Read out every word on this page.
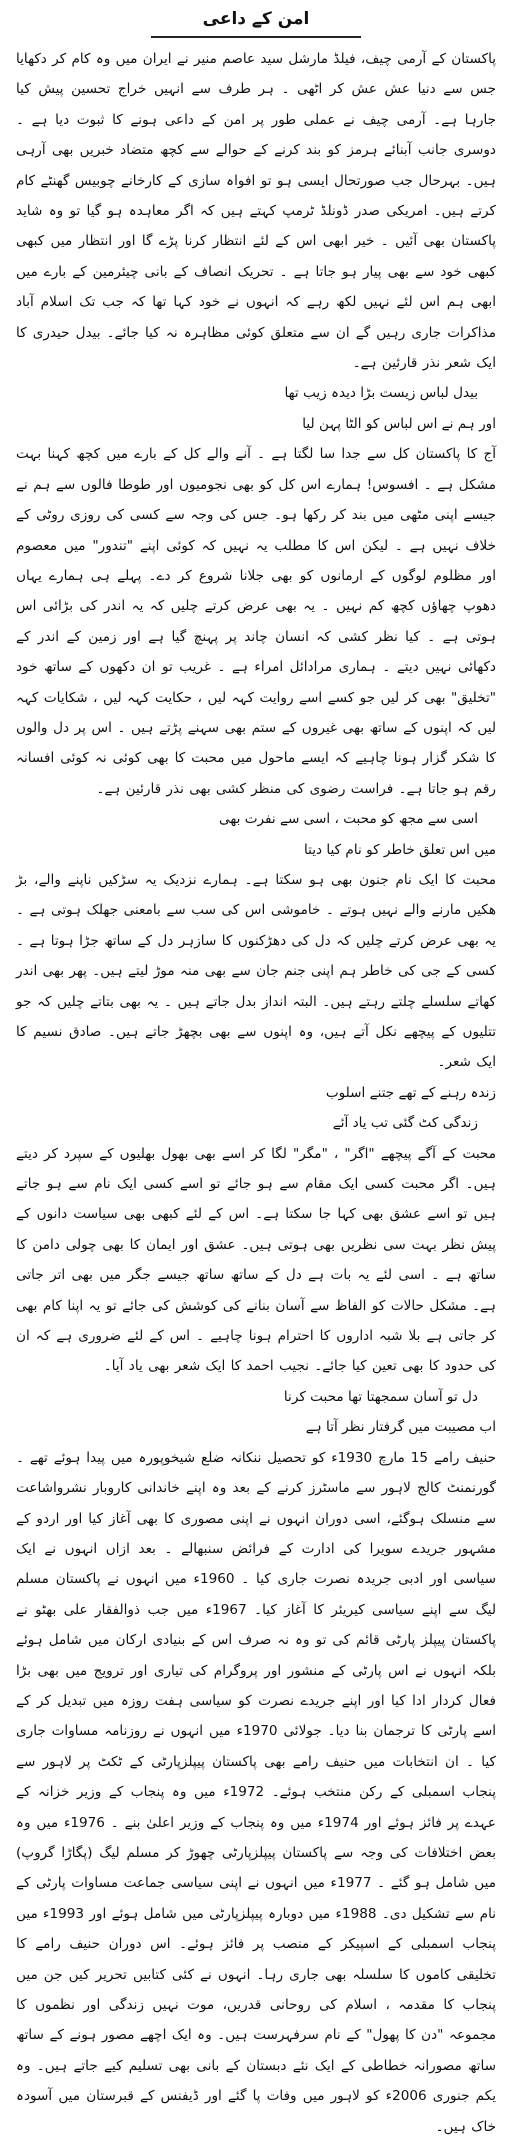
امن کے داعی

پاکستان کے آرمی چیف، فیلڈ مارشل سید عاصم منیر نے ایران میں وہ کام کر دکھایا جس سے دنیا عش عش کر اٹھی ۔ ہر طرف سے انہیں خراج تحسین پیش کیا جارہا ہے۔ آرمی چیف نے عملی طور پر امن کے داعی ہونے کا ثبوت دیا ہے ۔ دوسری جانب آبنائے ہرمز کو بند کرنے کے حوالے سے کچھ متضاد خبریں بھی آرہی ہیں۔ بہرحال جب صورتحال ایسی ہو تو افواہ سازی کے کارخانے چوبیس گھنٹے کام کرتے ہیں۔ امریکی صدر ڈونلڈ ٹرمپ کہتے ہیں کہ اگر معاہدہ ہو گیا تو وہ شاید پاکستان بھی آئیں ۔ خیر ابھی اس کے لئے انتظار کرنا پڑے گا اور انتظار میں کبھی کبھی خود سے بھی پیار ہو جاتا ہے ۔ تحریک انصاف کے بانی چیئرمین کے بارے میں ابھی ہم اس لئے نہیں لکھ رہے کہ انہوں نے خود کہا تھا کہ جب تک اسلام آباد مذاکرات جاری رہیں گے ان سے متعلق کوئی مظاہرہ نہ کیا جائے۔ بیدل حیدری کا ایک شعر نذر قارئین ہے۔

بیدل لباس زیست بڑا دیدہ زیب تھا
اور ہم نے اس لباس کو الٹا پہن لیا

آج کا پاکستان کل سے جدا سا لگتا ہے ۔ آنے والے کل کے بارے میں کچھ کہنا بہت مشکل ہے ۔ افسوس! ہمارے اس کل کو بھی نجومیوں اور طوطا فالوں سے ہم نے جیسے اپنی مٹھی میں بند کر رکھا ہو۔ جس کی وجہ سے کسی کی روزی روٹی کے خلاف نہیں ہے ۔ لیکن اس کا مطلب یہ نہیں کہ کوئی اپنے "تندور" میں معصوم اور مظلوم لوگوں کے ارمانوں کو بھی جلانا شروع کر دے۔ پہلے ہی ہمارے یہاں دھوپ چھاؤں کچھ کم نہیں ۔ یہ بھی عرض کرتے چلیں کہ یہ اندر کی بڑائی اس ہوتی ہے ۔ کیا نظر کشی کہ انسان چاند پر پہنچ گیا ہے اور زمین کے اندر کے دکھائی نہیں دیتے ۔ ہماری مرادائل امراء ہے ۔ غریب تو ان دکھوں کے ساتھ خود "تخلیق" بھی کر لیں جو کسے اسے روایت کہہ لیں ، حکایت کہہ لیں ، شکایات کہہ لیں کہ اپنوں کے ساتھ بھی غیروں کے ستم بھی سہنے پڑتے ہیں ۔ اس پر دل والوں کا شکر گزار ہونا چاہیے کہ ایسے ماحول میں محبت کا بھی کوئی نہ کوئی افسانہ رقم ہو جاتا ہے۔ فراست رضوی کی منظر کشی بھی نذر قارئین ہے۔

اسی سے مجھ کو محبت ، اسی سے نفرت بھی
میں اس تعلق خاطر کو نام کیا دیتا

محبت کا ایک نام جنون بھی ہو سکتا ہے۔ ہمارے نزدیک یہ سڑکیں ناپنے والے، بڑ ھکیں مارنے والے نہیں ہوتے ۔ خاموشی اس کی سب سے بامعنی جھلک ہوتی ہے ۔ یہ بھی عرض کرتے چلیں کہ دل کی دھڑکنوں کا سازہر دل کے ساتھ جڑا ہوتا ہے ۔ کسی کے جی کی خاطر ہم اپنی جنم جان سے بھی منہ موڑ لیتے ہیں۔ پھر بھی اندر کھاتے سلسلے چلتے رہتے ہیں۔ البتہ انداز بدل جاتے ہیں ۔ یہ بھی بتاتے چلیں کہ جو تتلیوں کے پیچھے نکل آتے ہیں، وہ اپنوں سے بھی بچھڑ جاتے ہیں۔ صادق نسیم کا ایک شعر۔

زندہ رہنے کے تھے جتنے اسلوب
زندگی کٹ گئی تب یاد آئے

محبت کے آگے پیچھے "اگر" ، "مگر" لگا کر اسے بھی بھول بھلیوں کے سپرد کر دیتے ہیں۔ اگر محبت کسی ایک مقام سے ہو جائے تو اسے کسی ایک نام سے ہو جاتے ہیں تو اسے عشق بھی کہا جا سکتا ہے۔ اس کے لئے کبھی بھی سیاست دانوں کے پیش نظر بہت سی نظریں بھی ہوتی ہیں۔ عشق اور ایمان کا بھی چولی دامن کا ساتھ ہے ۔ اسی لئے یہ بات ہے دل کے ساتھ ساتھ جیسے جگر میں بھی اتر جاتی ہے۔ مشکل حالات کو الفاظ سے آسان بنانے کی کوشش کی جائے تو یہ اپنا کام بھی کر جاتی ہے بلا شبہ اداروں کا احترام ہونا چاہیے ۔ اس کے لئے ضروری ہے کہ ان کی حدود کا بھی تعین کیا جائے۔ نجیب احمد کا ایک شعر بھی یاد آیا۔

دل تو آسان سمجھتا تھا محبت کرنا
اب مصیبت میں گرفتار نظر آتا ہے

حنیف رامے 15 مارچ 1930ء کو تحصیل ننکانہ ضلع شیخوپورہ میں پیدا ہوئے تھے ۔ گورنمنٹ کالج لاہور سے ماسٹرز کرنے کے بعد وہ اپنے خاندانی کاروبار نشرواشاعت سے منسلک ہوگئے، اسی دوران انہوں نے اپنی مصوری کا بھی آغاز کیا اور اردو کے مشہور جریدے سویرا کی ادارت کے فرائض سنبھالے ۔ بعد ازاں انہوں نے ایک سیاسی اور ادبی جریدہ نصرت جاری کیا ۔ 1960ء میں انہوں نے پاکستان مسلم لیگ سے اپنے سیاسی کیریئر کا آغاز کیا۔ 1967ء میں جب ذوالفقار علی بھٹو نے پاکستان پیپلز پارٹی قائم کی تو وہ نہ صرف اس کے بنیادی ارکان میں شامل ہوئے بلکہ انہوں نے اس پارٹی کے منشور اور پروگرام کی تیاری اور ترویج میں بھی بڑا فعال کردار ادا کیا اور اپنے جریدے نصرت کو سیاسی ہفت روزہ میں تبدیل کر کے اسے پارٹی کا ترجمان بنا دیا۔ جولائی 1970ء میں انہوں نے روزنامہ مساوات جاری کیا ۔ ان انتخابات میں حنیف رامے بھی پاکستان پیپلزپارٹی کے ٹکٹ پر لاہور سے پنجاب اسمبلی کے رکن منتخب ہوئے۔ 1972ء میں وہ پنجاب کے وزیر خزانہ کے عہدے پر فائز ہوئے اور 1974ء میں وہ پنجاب کے وزیر اعلیٰ بنے ۔ 1976ء میں وہ بعض اختلافات کی وجہ سے پاکستان پیپلزپارٹی چھوڑ کر مسلم لیگ (پگاڑا گروپ) میں شامل ہو گئے ۔ 1977ء میں انہوں نے اپنی سیاسی جماعت مساوات پارٹی کے نام سے تشکیل دی۔ 1988ء میں دوبارہ پیپلزپارٹی میں شامل ہوئے اور 1993ء میں پنجاب اسمبلی کے اسپیکر کے منصب پر فائز ہوئے۔ اس دوران حنیف رامے کا تخلیقی کاموں کا سلسلہ بھی جاری رہا۔ انہوں نے کئی کتابیں تحریر کیں جن میں پنجاب کا مقدمہ ، اسلام کی روحانی قدریں، موت نہیں زندگی اور نظموں کا مجموعہ "دن کا پھول" کے نام سرفہرست ہیں۔ وہ ایک اچھے مصور ہونے کے ساتھ ساتھ مصورانہ خطاطی کے ایک نئے دبستان کے بانی بھی تسلیم کیے جاتے ہیں۔ وہ یکم جنوری 2006ء کو لاہور میں وفات پا گئے اور ڈیفنس کے قبرستان میں آسودہ خاک ہیں۔
